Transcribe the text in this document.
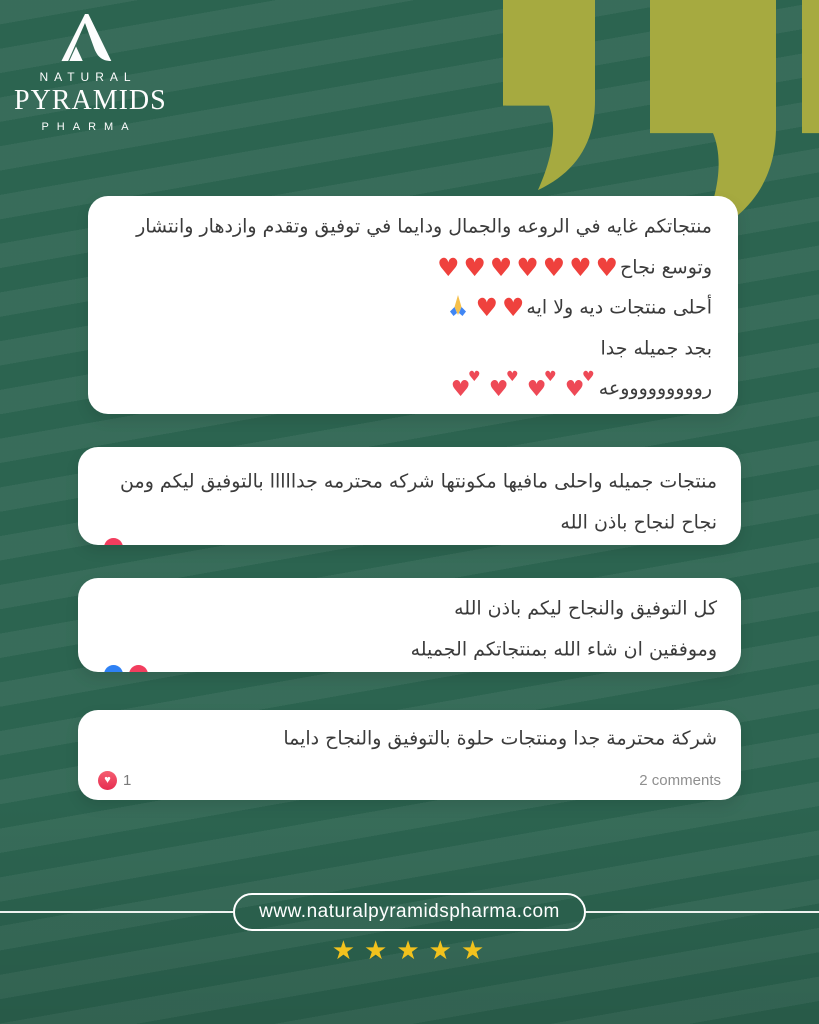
NATURAL
PYRAMIDS
PHARMA
منتجاتكم غايه في الروعه والجمال ودايما في توفيق وتقدم وازدهار وانتشار
وتوسع نجاح♥♥♥♥♥♥♥
أحلى منتجات ديه ولا ايه♥♥
بجد جميله جدا
روووووووووعه
♥
♥
♥
♥
♥
♥
♥
♥
منتجات جميله واحلى مافيها مكونتها شركه محترمه جدااااا بالتوفيق ليكم ومن
نجاح لنجاح باذن الله
كل التوفيق والنجاح ليكم باذن الله
وموفقين ان شاء الله بمنتجاتكم الجميله
شركة محترمة جدا ومنتجات حلوة بالتوفيق والنجاح دايما
♥ 1	2 comments
www.naturalpyramidspharma.com
★ ★ ★ ★ ★
